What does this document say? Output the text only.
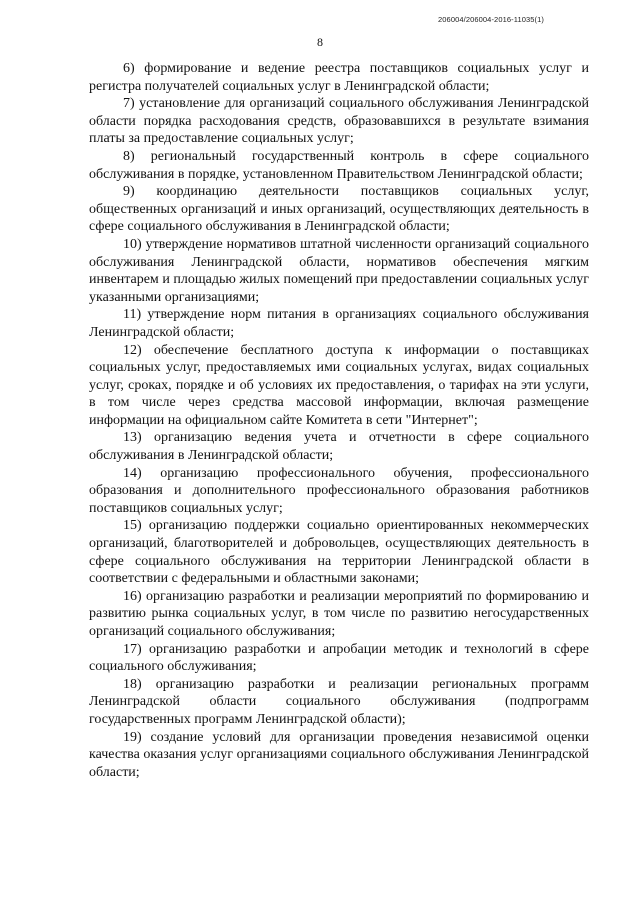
206004/206004-2016-11035(1)
8

6) формирование и ведение реестра поставщиков социальных услуг и регистра получателей социальных услуг в Ленинградской области;

7) установление для организаций социального обслуживания Ленинградской области порядка расходования средств, образовавшихся в результате взимания платы за предоставление социальных услуг;

8) региональный государственный контроль в сфере социального обслуживания в порядке, установленном Правительством Ленинградской области;

9) координацию деятельности поставщиков социальных услуг, общественных организаций и иных организаций, осуществляющих деятельность в сфере социального обслуживания в Ленинградской области;

10) утверждение нормативов штатной численности организаций социального обслуживания Ленинградской области, нормативов обеспечения мягким инвентарем и площадью жилых помещений при предоставлении социальных услуг указанными организациями;

11) утверждение норм питания в организациях социального обслуживания Ленинградской области;

12) обеспечение бесплатного доступа к информации о поставщиках социальных услуг, предоставляемых ими социальных услугах, видах социальных услуг, сроках, порядке и об условиях их предоставления, о тарифах на эти услуги, в том числе через средства массовой информации, включая размещение информации на официальном сайте Комитета в сети "Интернет";

13) организацию ведения учета и отчетности в сфере социального обслуживания в Ленинградской области;

14) организацию профессионального обучения, профессионального образования и дополнительного профессионального образования работников поставщиков социальных услуг;

15) организацию поддержки социально ориентированных некоммерческих организаций, благотворителей и добровольцев, осуществляющих деятельность в сфере социального обслуживания на территории Ленинградской области в соответствии с федеральными и областными законами;

16) организацию разработки и реализации мероприятий по формированию и развитию рынка социальных услуг, в том числе по развитию негосударственных организаций социального обслуживания;

17) организацию разработки и апробации методик и технологий в сфере социального обслуживания;

18) организацию разработки и реализации региональных программ Ленинградской области социального обслуживания (подпрограмм государственных программ Ленинградской области);

19) создание условий для организации проведения независимой оценки качества оказания услуг организациями социального обслуживания Ленинградской области;
